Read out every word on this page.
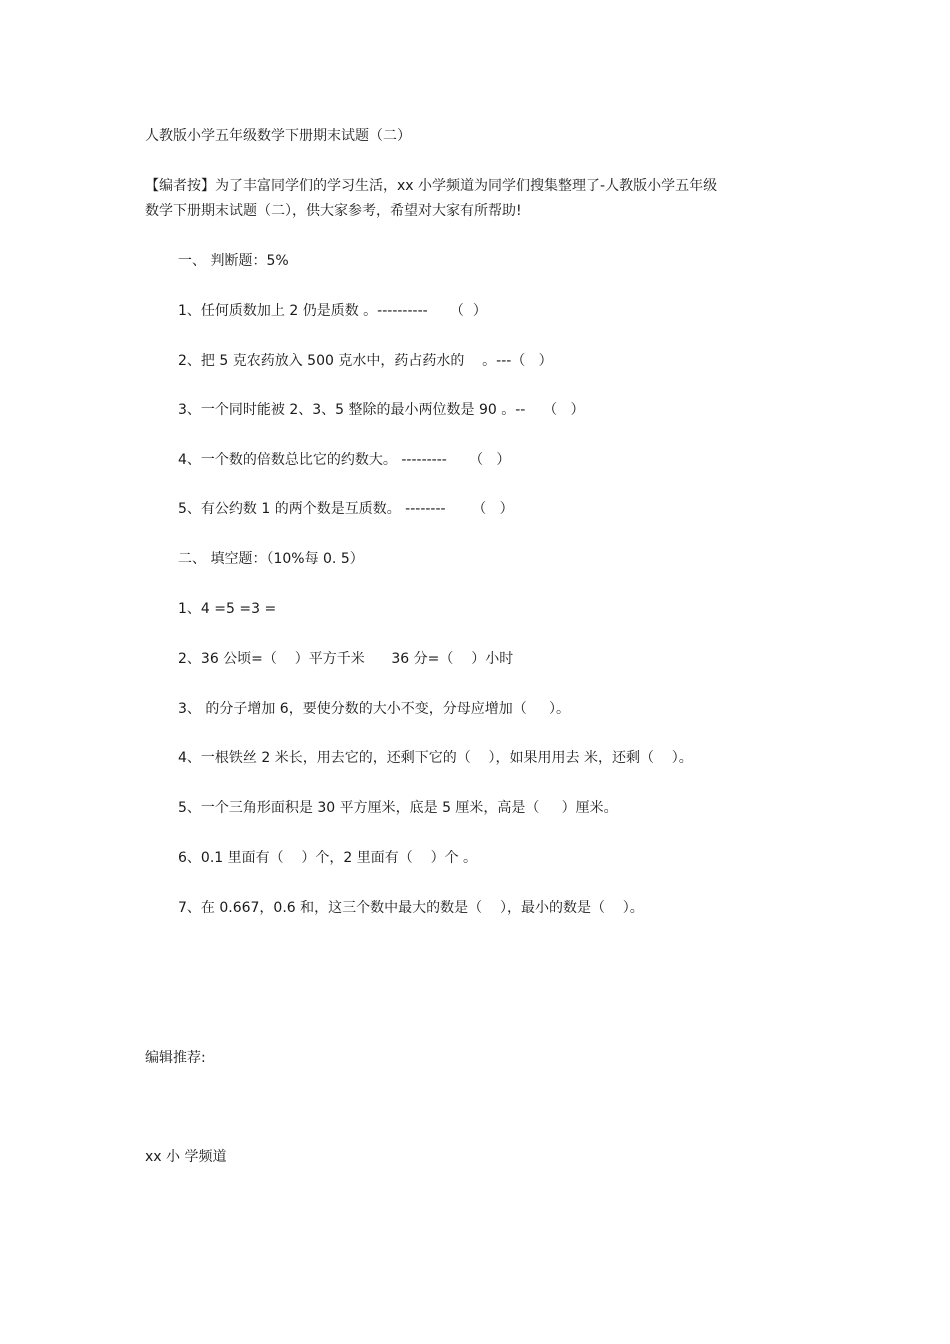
人教版小学五年级数学下册期末试题（二）
【编者按】为了丰富同学们的学习生活，xx 小学频道为同学们搜集整理了-人教版小学五年级
数学下册期末试题（二），供大家参考，希望对大家有所帮助!
一、 判断题：5%
1、任何质数加上 2 仍是质数 。----------     （  ）
2、把 5 克农药放入 500 克水中，药占药水的    。---（   ）
3、一个同时能被 2、3、5 整除的最小两位数是 90 。--    （   ）
4、一个数的倍数总比它的约数大。 ---------     （   ）
5、有公约数 1 的两个数是互质数。 --------      （   ）
二、 填空题：（10%每 0. 5）
1、4 =5 =3 =
2、36 公顷=（    ）平方千米      36 分=（    ）小时
3、 的分子增加 6，要使分数的大小不变，分母应增加（     ）。
4、一根铁丝 2 米长，用去它的，还剩下它的（    ），如果用用去 米，还剩（    ）。
5、一个三角形面积是 30 平方厘米，底是 5 厘米，高是（     ）厘米。
6、0.1 里面有（    ）个，2 里面有（    ）个 。
7、在 0.667，0.6 和，这三个数中最大的数是（    ），最小的数是（    ）。
编辑推荐:
xx 小 学频道
